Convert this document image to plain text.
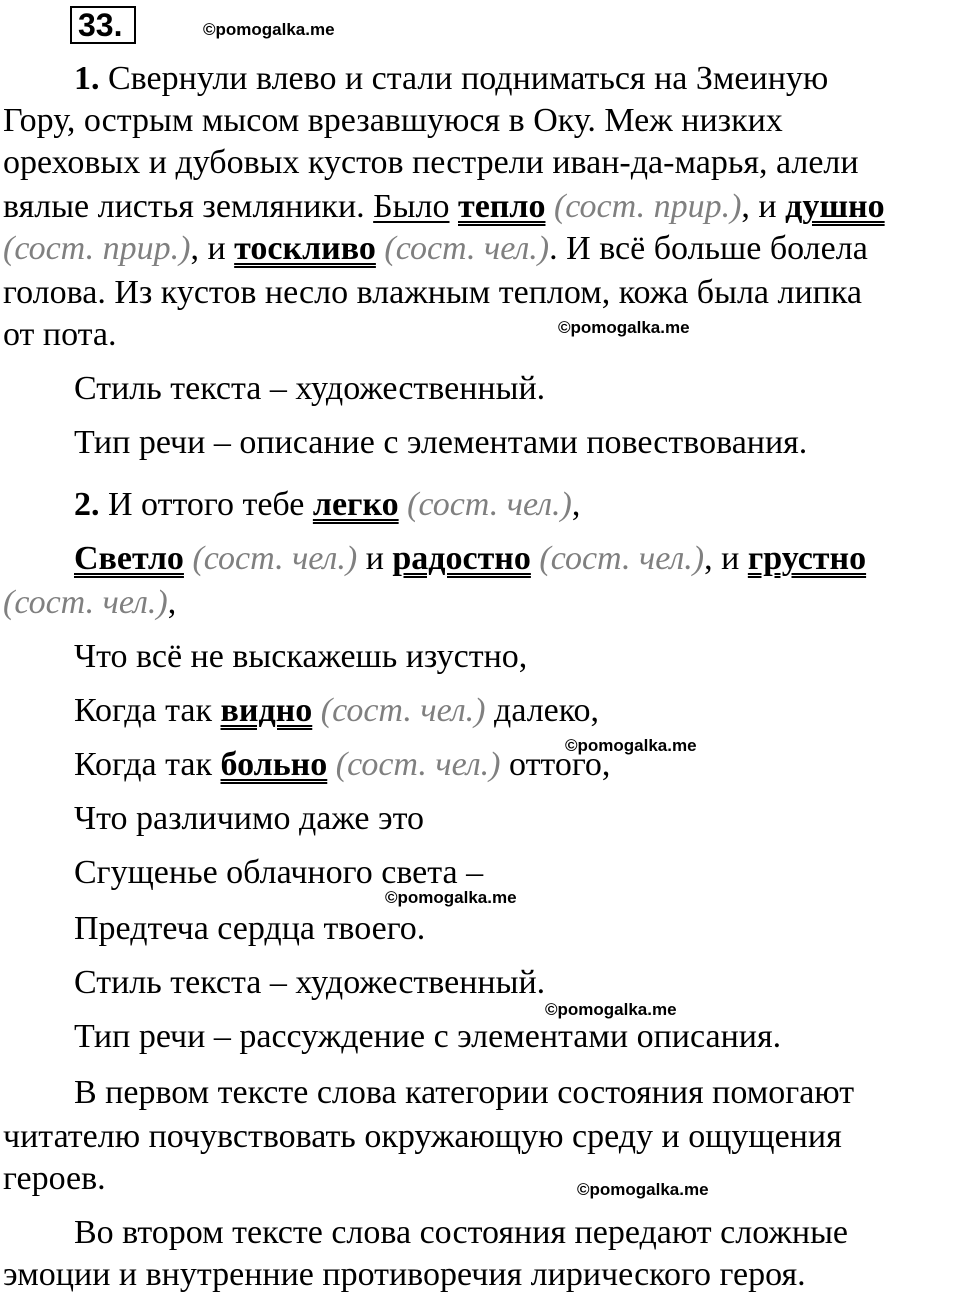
33.	©pomogalka.me
©pomogalka.me
©pomogalka.me
©pomogalka.me
©pomogalka.me
©pomogalka.me
1. Свернули влево и стали подниматься на Змеиную
Гору, острым мысом врезавшуюся в Оку. Меж низких
ореховых и дубовых кустов пестрели иван-да-марья, алели
вялые листья земляники. Было тепло (сост. прир.), и душно
(сост. прир.), и тоскливо (сост. чел.). И всё больше болела
голова. Из кустов несло влажным теплом, кожа была липка
от пота.
Стиль текста – художественный.
Тип речи – описание с элементами повествования.
2. И оттого тебе легко (сост. чел.),
Светло (сост. чел.) и радостно (сост. чел.), и грустно
(сост. чел.),
Что всё не выскажешь изустно,
Когда так видно (сост. чел.) далеко,
Когда так больно (сост. чел.) оттого,
Что различимо даже это
Сгущенье облачного света –
Предтеча сердца твоего.
Стиль текста – художественный.
Тип речи – рассуждение с элементами описания.
В первом тексте слова категории состояния помогают
читателю почувствовать окружающую среду и ощущения
героев.
Во втором тексте слова состояния передают сложные
эмоции и внутренние противоречия лирического героя.
